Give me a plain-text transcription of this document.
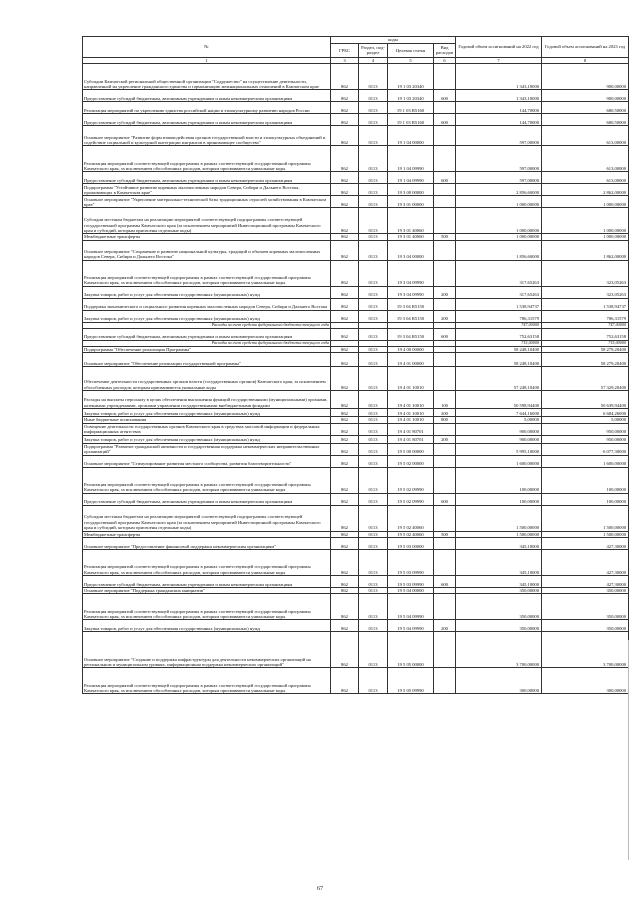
№	коды				Годовой объем ассигнований на 2022 год	Годовой объем ассигнований на 2023 год
	ГРБС	Раздел, под-раздел	Целевая статья	Вид расходов		
1	3	4	5	6	7	8
Субсидии Камчатской региональной общественной организации "Содружество" на осуществление деятельности, направленной на укрепление гражданского единства и гармонизацию межнациональных отношений в Камчатском крае	862	0113	19 1 03 20340		1 343,10000	900,00000
Предоставление субсидий бюджетным, автономным учреждениям и иным некоммерческим организациям	862	0113	19 1 03 20340	600	1 343,10000	900,00000
Реализация мероприятий по укреплению единства российской нации и этнокультурному развитию народов России	862	0113	19 1 03 R5160		144,70000	680,50000
Предоставление субсидий бюджетным, автономным учреждениям и иным некоммерческим организациям	862	0113	19 1 03 R5160	600	144,70000	680,50000
Основное мероприятие "Развитие форм взаимодействия органов государственной власти и этнокультурных объединений и содействие социальной и культурной интеграции мигрантов в принимающее сообщество"	862	0113	19 1 04 00000		597,00000	613,00000
Реализация мероприятий соответствующей подпрограммы в рамках соответствующей государственной программы Камчатского края, за исключением обособленных расходов, которым присваиваются уникальные коды	862	0113	19 1 04 09990		597,00000	613,00000
Предоставление субсидий бюджетным, автономным учреждениям и иным некоммерческим организациям	862	0113	19 1 04 09990	600	597,00000	613,00000
Подпрограмма "Устойчивое развитие коренных малочисленных народов Севера, Сибири и Дальнего Востока, проживающих в Камчатском крае"	862	0113	19 3 00 00000		2 856,60000	2 862,00000
Основное мероприятие "Укрепление материально-технической базы традиционных отраслей хозяйствования в Камчатском крае"	862	0113	19 3 01 00000		1 000,00000	1 000,00000
Субсидии местным бюджетам на реализацию мероприятий соответствующей подпрограммы соответствующей государственной программы Камчатского края (за исключением мероприятий Инвестиционной программы Камчатского края и субсидий, которым присвоены отдельные коды)	862	0113	19 3 01 40060		1 000,00000	1 000,00000
Межбюджетные трансферты	862	0113	19 3 01 40060	500	1 000,00000	1 000,00000
Основное мероприятие "Сохранение и развитие национальной культуры, традиций и обычаев коренных малочисленных народов Севера, Сибири и Дальнего Востока"	862	0113	19 3 04 00000		1 856,60000	1 862,00000
Реализация мероприятий соответствующей подпрограммы в рамках соответствующей государственной программы Камчатского края, за исключением обособленных расходов, которым присваиваются уникальные коды	862	0113	19 3 04 09990		317,65263	323,05263
Закупка товаров, работ и услуг для обеспечения государственных (муниципальных) нужд	862	0113	19 3 04 09990	200	317,65263	323,05263
Поддержка экономического и социального развития коренных малочисленных народов Севера, Сибири и Дальнего Востока	862	0113	19 3 04 R5150		1 538,94737	1 538,94737
Закупка товаров, работ и услуг для обеспечения государственных (муниципальных) нужд	862	0113	19 3 04 R5150	200	786,31579	786,31579
Расходы за счет средств федерального бюджета текущего года					747,00000	747,00000
Предоставление субсидий бюджетным, автономным учреждениям и иным некоммерческим организациям	862	0113	19 3 04 R5150	600	752,63158	752,63158
Расходы за счет средств федерального бюджета текущего года					715,00000	715,00000
Подпрограмма "Обеспечение реализации Программы"	862	0113	19 4 00 00000		58 248,10400	58 279,20400
Основное мероприятие "Обеспечение реализации государственной программы"	862	0113	19 4 01 00000		58 248,10400	58 279,20400
Обеспечение деятельности государственных органов власти (государственных органов) Камчатского края, за исключением обособленных расходов, которым присваиваются уникальные коды	862	0113	19 4 01 10010		57 248,10400	57 329,20400
Расходы на выплаты персоналу в целях обеспечения выполнения функций государственными (муниципальными) органами, казенными учреждениями, органами управления государственными внебюджетными фондами	862	0113	19 4 01 10010	100	50 598,94400	50 639,94400
Закупка товаров, работ и услуг для обеспечения государственных (муниципальных) нужд	862	0113	19 4 01 10010	200	7 644,16000	6 684,26000
Иные бюджетные ассигнования	862	0113	19 4 01 10010	800	5,00000	5,00000
Освещение деятельности государственных органов Камчатского края в средствах массовой информации и федеральных информационных агентствах	862	0113	19 4 01 80701		900,00000	950,00000
Закупка товаров, работ и услуг для обеспечения государственных (муниципальных) нужд	862	0113	19 4 01 80701	200	900,00000	950,00000
Подпрограмма "Развитие гражданской активности и государственная поддержка некоммерческих неправительственных организаций"	862	0113	19 5 00 00000		5 995,10000	6 077,30000
Основное мероприятие "Стимулирование развития местного сообщества, развития благотворительности"	862	0113	19 5 02 00000		1 600,00000	1 600,00000
Реализация мероприятий соответствующей подпрограммы в рамках соответствующей государственной программы Камчатского края, за исключением обособленных расходов, которым присваиваются уникальные коды	862	0113	19 5 02 09990		100,00000	100,00000
Предоставление субсидий бюджетным, автономным учреждениям и иным некоммерческим организациям	862	0113	19 5 02 09990	600	100,00000	100,00000
Субсидии местным бюджетам на реализацию мероприятий соответствующей подпрограммы соответствующей государственной программы Камчатского края (за исключением мероприятий Инвестиционной программы Камчатского края и субсидий, которым присвоены отдельные коды)	862	0113	19 5 02 40060		1 500,00000	1 500,00000
Межбюджетные трансферты	862	0113	19 5 02 40060	500	1 500,00000	1 500,00000
Основное мероприятие "Предоставление финансовой поддержки некоммерческим организациям"	862	0113	19 5 03 00000		345,10000	427,30000
Реализация мероприятий соответствующей подпрограммы в рамках соответствующей государственной программы Камчатского края, за исключением обособленных расходов, которым присваиваются уникальные коды	862	0113	19 5 03 09990		345,10000	427,30000
Предоставление субсидий бюджетным, автономным учреждениям и иным некоммерческим организациям	862	0113	19 5 03 09990	600	345,10000	427,30000
Основное мероприятие "Поддержка гражданских инициатив"	862	0113	19 5 04 00000		350,00000	350,00000
Реализация мероприятий соответствующей подпрограммы в рамках соответствующей государственной программы Камчатского края, за исключением обособленных расходов, которым присваиваются уникальные коды	862	0113	19 5 04 09990		350,00000	350,00000
Закупка товаров, работ и услуг для обеспечения государственных (муниципальных) нужд	862	0113	19 5 04 09990	200	350,00000	350,00000
Основное мероприятие "Создание и поддержка инфраструктуры для деятельности некоммерческих организаций на региональном и муниципальном уровнях, информационная поддержка некоммерческих организаций"	862	0113	19 5 05 00000		3 700,00000	3 700,00000
Реализация мероприятий соответствующей подпрограммы в рамках соответствующей государственной программы Камчатского края, за исключением обособленных расходов, которым присваиваются уникальные коды	862	0113	19 5 05 09990		300,00000	300,00000
67
